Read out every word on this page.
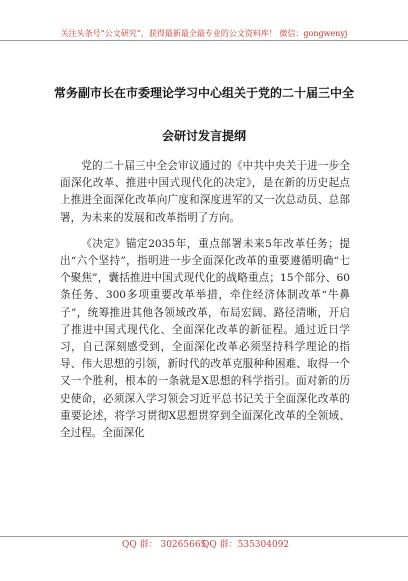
关注头条号“公文研究”，获得最新最全最专业的公文资料库！ 微信：gongwenyj
常务副市长在市委理论学习中心组关于党的二十届三中全
会研讨发言提纲

党的二十届三中全会审议通过的《中共中央关于进一步全面深化改革、推进中国式现代化的决定》，是在新的历史起点上推进全面深化改革向广度和深度进军的又一次总动员、总部署，为未来的发展和改革指明了方向。

《决定》锚定2035年，重点部署未来5年改革任务；提出“六个坚持”，指明进一步全面深化改革的重要遵循明确“七个聚焦”，囊括推进中国式现代化的战略重点；15个部分、60条任务、300多项重要改革举措，牵住经济体制改革“牛鼻子”，统筹推进其他各领域改革，布局宏阔、路径清晰，开启了推进中国式现代化、全面深化改革的新征程。通过近日学习，自己深刻感受到，全面深化改革必须坚持科学理论的指导、伟大思想的引领，新时代的改革克服种种困难、取得一个又一个胜利，根本的一条就是X思想的科学指引。面对新的历史使命，必须深入学习领会习近平总书记关于全面深化改革的重要论述，将学习贯彻X思想贯穿到全面深化改革的全领域、全过程。全面深化

QQ 群： 30265665
QQ 群：535304092
